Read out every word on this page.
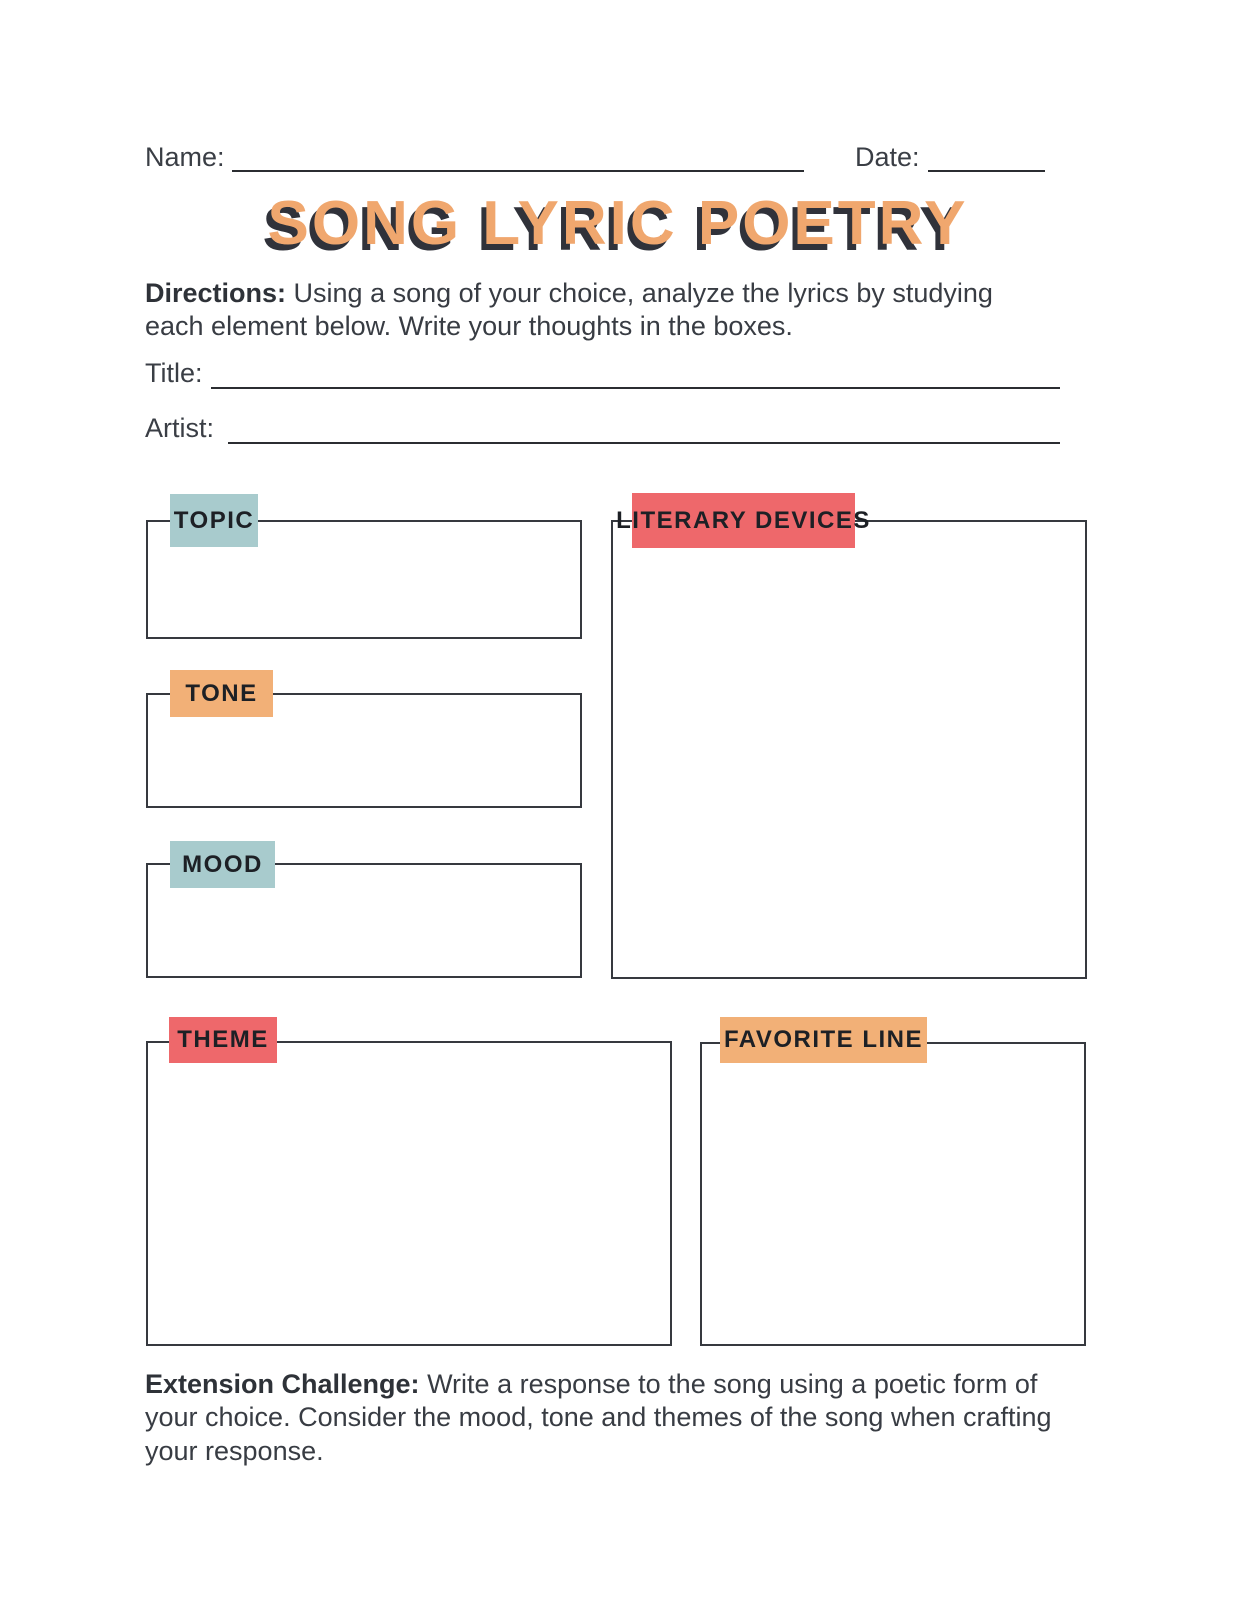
Name:	Date:
SONG LYRIC POETRY

Directions: Using a song of your choice, analyze the lyrics by studying each element below. Write your thoughts in the boxes.

Title:
Artist:
TOPIC	LITERARY DEVICES
TONE
MOOD
THEME	FAVORITE LINE

Extension Challenge: Write a response to the song using a poetic form of your choice. Consider the mood, tone and themes of the song when crafting your response.
